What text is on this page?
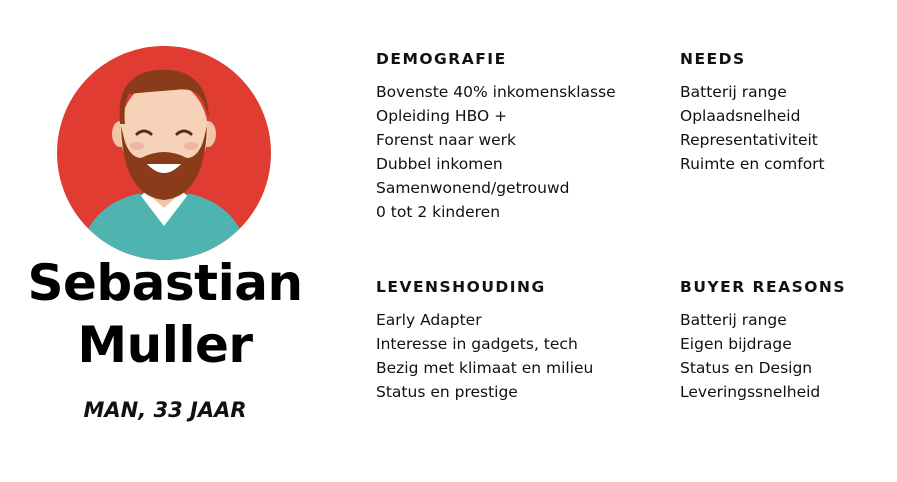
Sebastian
Muller
MAN, 33 JAAR
DEMOGRAFIE
Bovenste 40% inkomensklasse
Opleiding HBO +
Forenst naar werk
Dubbel inkomen
Samenwonend/getrouwd
0 tot 2 kinderen
NEEDS
Batterij range
Oplaadsnelheid
Representativiteit
Ruimte en comfort
LEVENSHOUDING
Early Adapter
Interesse in gadgets, tech
Bezig met klimaat en milieu
Status en prestige
BUYER REASONS
Batterij range
Eigen bijdrage
Status en Design
Leveringssnelheid
